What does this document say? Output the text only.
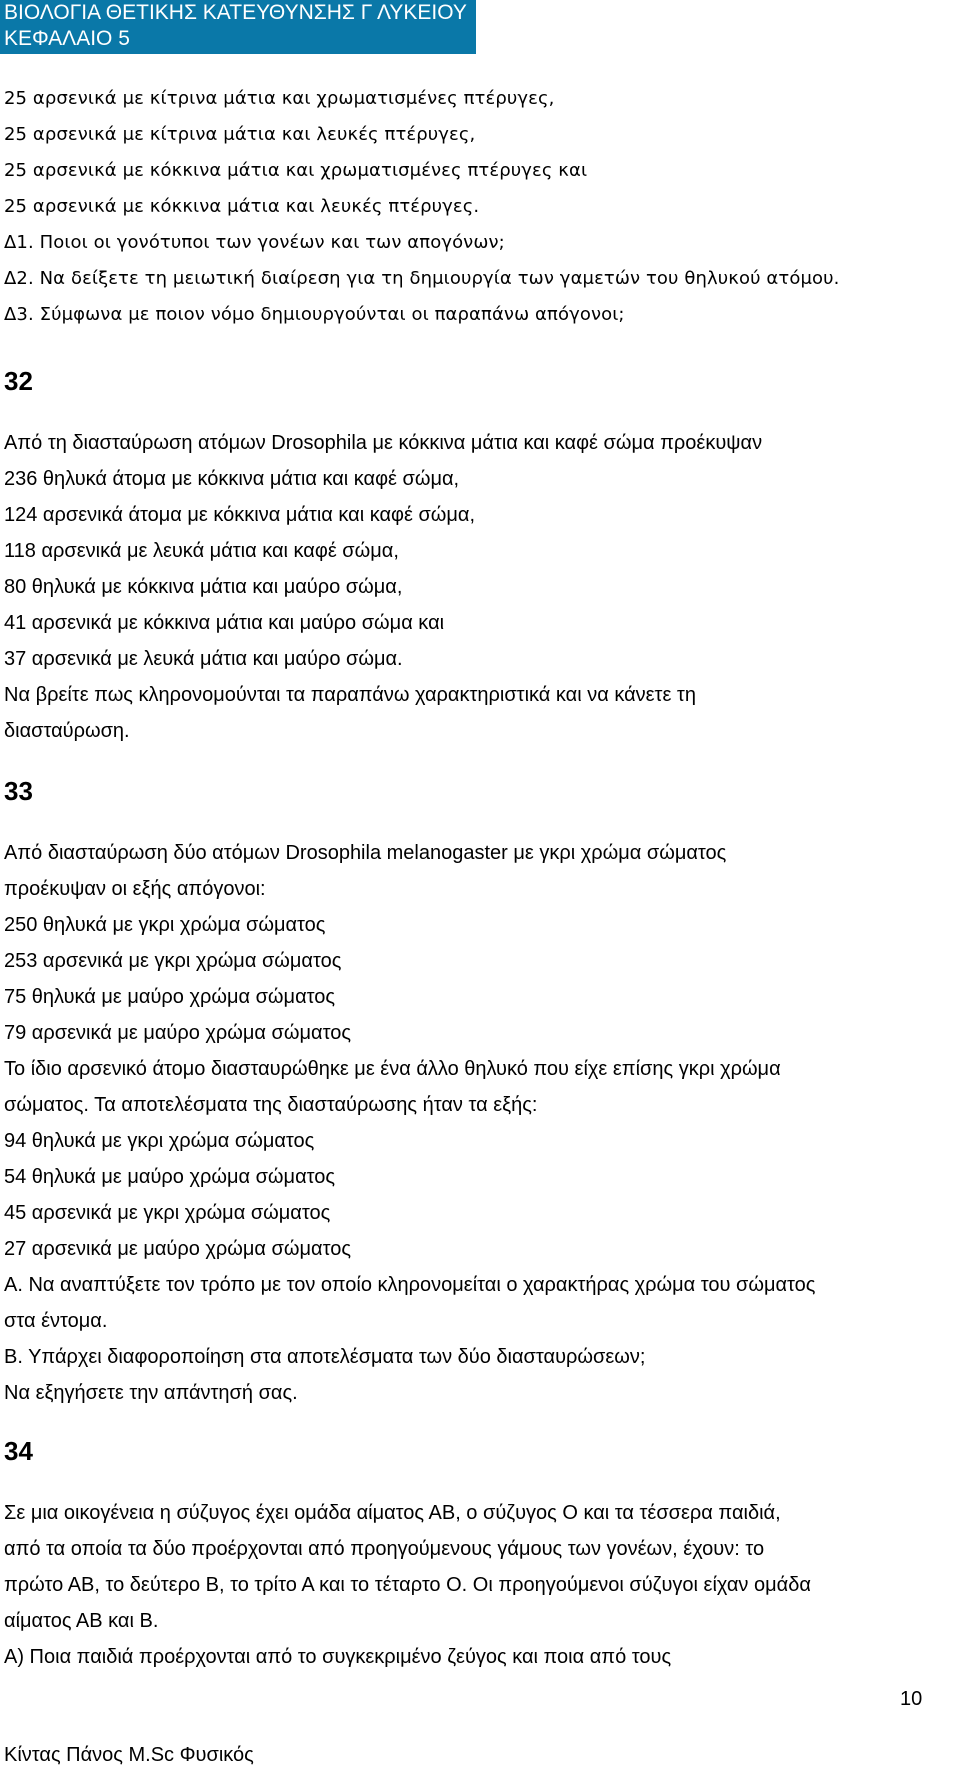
ΒΙΟΛΟΓΙΑ ΘΕΤΙΚΗΣ ΚΑΤΕΥΘΥΝΣΗΣ Γ ΛΥΚΕΙΟΥ
ΚΕΦΑΛΑΙΟ 5
25 αρσενικά με κίτρινα μάτια και χρωματισμένες πτέρυγες,
25 αρσενικά με κίτρινα μάτια και λευκές πτέρυγες,
25 αρσενικά με κόκκινα μάτια και χρωματισμένες πτέρυγες και
25 αρσενικά με κόκκινα μάτια και λευκές πτέρυγες.
Δ1. Ποιοι οι γονότυποι των γονέων και των απογόνων;
Δ2. Να δείξετε τη μειωτική διαίρεση για τη δημιουργία των γαμετών του θηλυκού ατόμου.
Δ3. Σύμφωνα με ποιον νόμο δημιουργούνται οι παραπάνω απόγονοι;
32
Από τη διασταύρωση ατόμων Drosophila με κόκκινα μάτια και καφέ σώμα προέκυψαν
236 θηλυκά άτομα με κόκκινα μάτια και καφέ σώμα,
124 αρσενικά άτομα με κόκκινα μάτια και καφέ σώμα,
118 αρσενικά με λευκά μάτια και καφέ σώμα,
80 θηλυκά με κόκκινα μάτια και μαύρο σώμα,
41 αρσενικά με κόκκινα μάτια και μαύρο σώμα και
37 αρσενικά με λευκά μάτια και μαύρο σώμα.
Να βρείτε πως κληρονομούνται τα παραπάνω χαρακτηριστικά και να κάνετε τη
διασταύρωση.
33
Από διασταύρωση δύο ατόμων Drosophila melanogaster με γκρι χρώμα σώματος
προέκυψαν οι εξής απόγονοι:
250 θηλυκά με γκρι χρώμα σώματος
253 αρσενικά με γκρι χρώμα σώματος
75 θηλυκά με μαύρο χρώμα σώματος
79 αρσενικά με μαύρο χρώμα σώματος
Το ίδιο αρσενικό άτομο διασταυρώθηκε με ένα άλλο θηλυκό που είχε επίσης γκρι χρώμα
σώματος. Τα αποτελέσματα της διασταύρωσης ήταν τα εξής:
94 θηλυκά με γκρι χρώμα σώματος
54 θηλυκά με μαύρο χρώμα σώματος
45 αρσενικά με γκρι χρώμα σώματος
27 αρσενικά με μαύρο χρώμα σώματος
Α. Να αναπτύξετε τον τρόπο με τον οποίο κληρονομείται ο χαρακτήρας χρώμα του σώματος
στα έντομα.
Β. Υπάρχει διαφοροποίηση στα αποτελέσματα των δύο διασταυρώσεων;
Να εξηγήσετε την απάντησή σας.
34
Σε μια οικογένεια η σύζυγος έχει ομάδα αίματος ΑΒ, ο σύζυγος Ο και τα τέσσερα παιδιά,
από τα οποία τα δύο προέρχονται από προηγούμενους γάμους των γονέων, έχουν: το
πρώτο ΑΒ, το δεύτερο Β, το τρίτο Α και το τέταρτο Ο. Οι προηγούμενοι σύζυγοι είχαν ομάδα
αίματος ΑΒ και Β.
Α) Ποια παιδιά προέρχονται από το συγκεκριμένο ζεύγος και ποια από τους
10
Κίντας Πάνος M.Sc Φυσικός
